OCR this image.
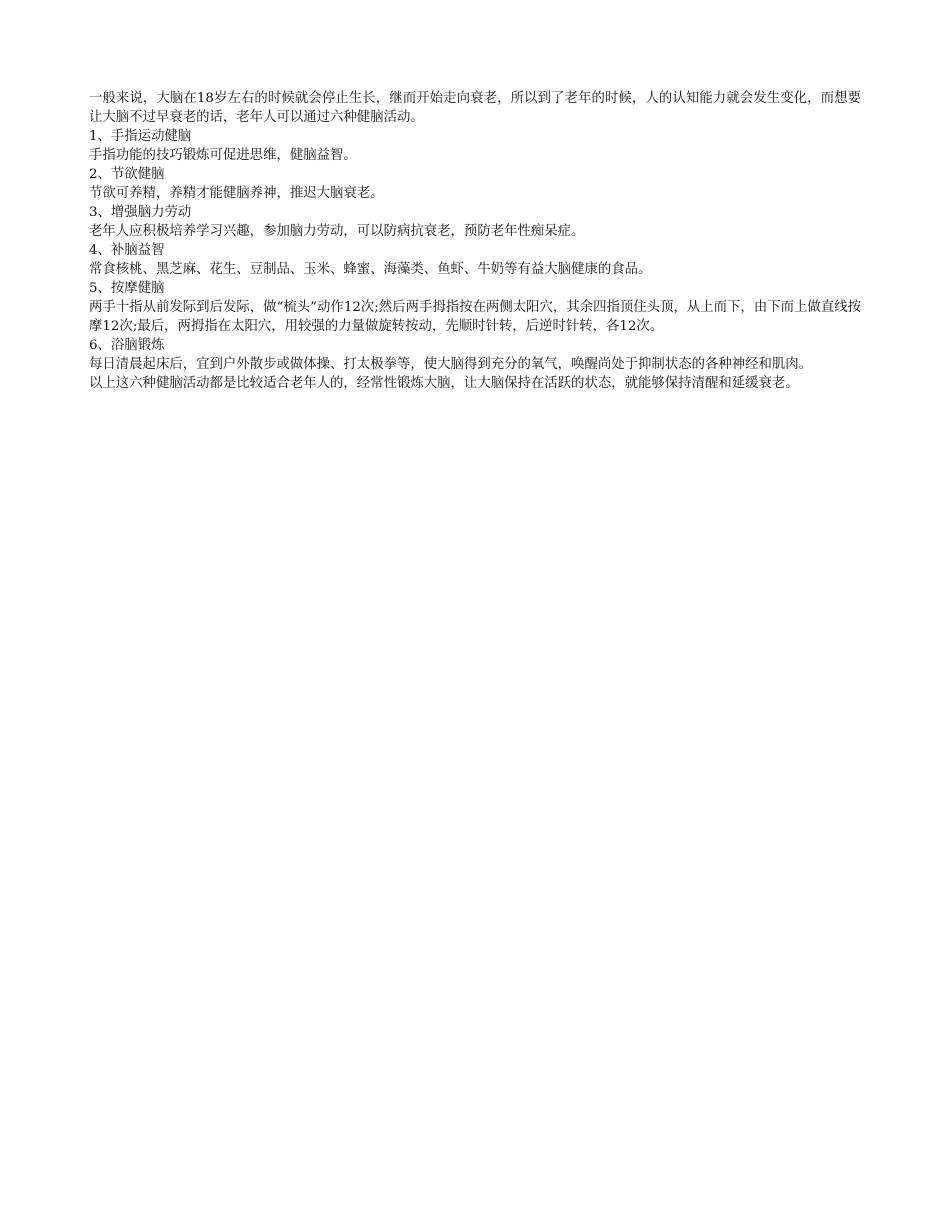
一般来说，大脑在18岁左右的时候就会停止生长，继而开始走向衰老，所以到了老年的时候，人的认知能力就会发生变化，而想要让大脑不过早衰老的话，老年人可以通过六种健脑活动。

1、手指运动健脑

手指功能的技巧锻炼可促进思维，健脑益智。

2、节欲健脑

节欲可养精，养精才能健脑养神，推迟大脑衰老。

3、增强脑力劳动

老年人应积极培养学习兴趣，参加脑力劳动，可以防病抗衰老，预防老年性痴呆症。

4、补脑益智

常食核桃、黑芝麻、花生、豆制品、玉米、蜂蜜、海藻类、鱼虾、牛奶等有益大脑健康的食品。

5、按摩健脑

两手十指从前发际到后发际，做“梳头”动作12次;然后两手拇指按在两侧太阳穴，其余四指顶住头顶，从上而下，由下而上做直线按摩12次;最后，两拇指在太阳穴，用较强的力量做旋转按动，先顺时针转，后逆时针转，各12次。

6、浴脑锻炼

每日清晨起床后，宜到户外散步或做体操、打太极拳等，使大脑得到充分的氧气，唤醒尚处于抑制状态的各种神经和肌肉。

以上这六种健脑活动都是比较适合老年人的，经常性锻炼大脑，让大脑保持在活跃的状态，就能够保持清醒和延缓衰老。
